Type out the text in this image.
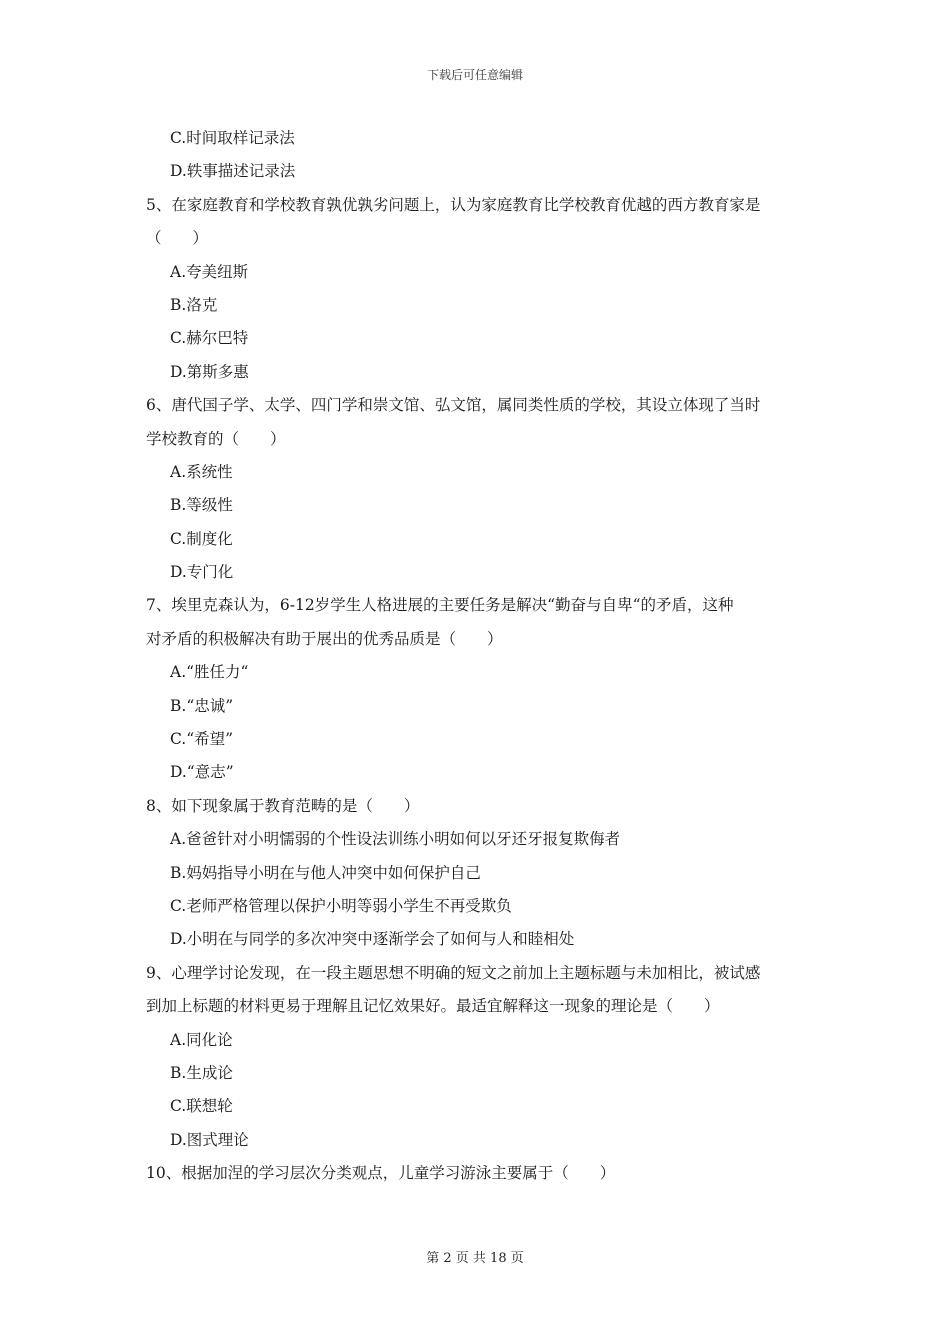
下载后可任意编辑
C.时间取样记录法
D.轶事描述记录法
5、在家庭教育和学校教育孰优孰劣问题上，认为家庭教育比学校教育优越的西方教育家是
（　　）
A.夸美纽斯
B.洛克
C.赫尔巴特
D.第斯多惠
6、唐代国子学、太学、四门学和崇文馆、弘文馆，属同类性质的学校，其设立体现了当时
学校教育的（　　）
A.系统性
B.等级性
C.制度化
D.专门化
7、埃里克森认为，6-12岁学生人格进展的主要任务是解决“勤奋与自卑“的矛盾，这种
对矛盾的积极解决有助于展出的优秀品质是（　　）
A.“胜任力“
B.“忠诚”
C.“希望”
D.“意志”
8、如下现象属于教育范畴的是（　　）
A.爸爸针对小明懦弱的个性设法训练小明如何以牙还牙报复欺侮者
B.妈妈指导小明在与他人冲突中如何保护自己
C.老师严格管理以保护小明等弱小学生不再受欺负
D.小明在与同学的多次冲突中逐渐学会了如何与人和睦相处
9、心理学讨论发现，在一段主题思想不明确的短文之前加上主题标题与未加相比，被试感
到加上标题的材料更易于理解且记忆效果好。最适宜解释这一现象的理论是（　　）
A.同化论
B.生成论
C.联想轮
D.图式理论
10、根据加涅的学习层次分类观点，儿童学习游泳主要属于（　　）
第 2 页 共 18 页
